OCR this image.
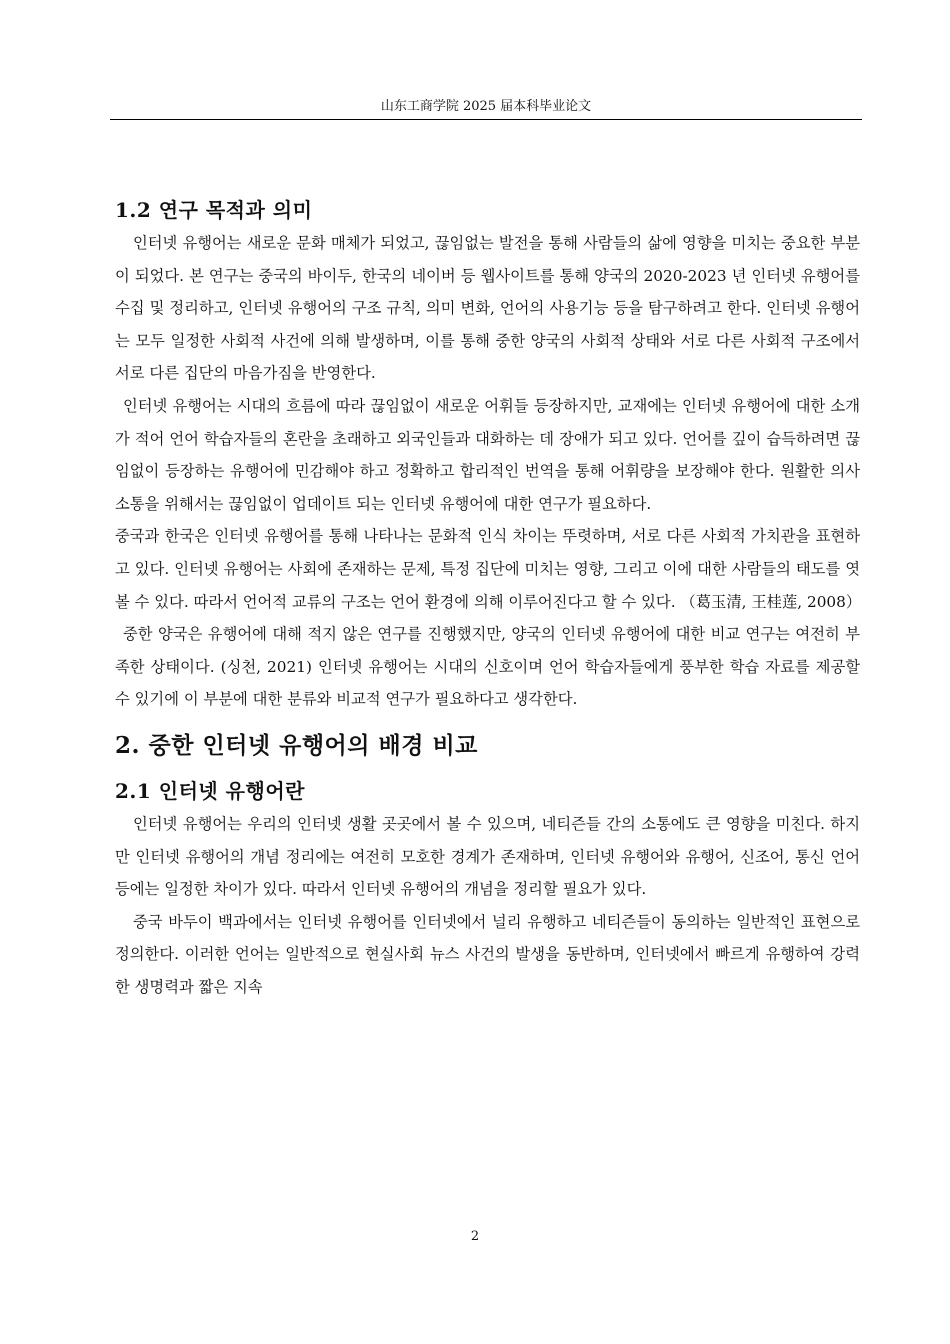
山东工商学院 2025 届本科毕业论文
1.2 연구 목적과 의미

인터넷 유행어는 새로운 문화 매체가 되었고, 끊임없는 발전을 통해 사람들의 삶에 영향을 미치는 중요한 부분이 되었다. 본 연구는 중국의 바이두, 한국의 네이버 등 웹사이트를 통해 양국의 2020-2023 년 인터넷 유행어를 수집 및 정리하고, 인터넷 유행어의 구조 규칙, 의미 변화, 언어의 사용기능 등을 탐구하려고 한다. 인터넷 유행어는 모두 일정한 사회적 사건에 의해 발생하며, 이를 통해 중한 양국의 사회적 상태와 서로 다른 사회적 구조에서 서로 다른 집단의 마음가짐을 반영한다.

인터넷 유행어는 시대의 흐름에 따라 끊임없이 새로운 어휘들 등장하지만, 교재에는 인터넷 유행어에 대한 소개가 적어 언어 학습자들의 혼란을 초래하고 외국인들과 대화하는 데 장애가 되고 있다. 언어를 깊이 습득하려면 끊임없이 등장하는 유행어에 민감해야 하고 정확하고 합리적인 번역을 통해 어휘량을 보장해야 한다. 원활한 의사소통을 위해서는 끊임없이 업데이트 되는 인터넷 유행어에 대한 연구가 필요하다.

중국과 한국은 인터넷 유행어를 통해 나타나는 문화적 인식 차이는 뚜렷하며, 서로 다른 사회적 가치관을 표현하고 있다. 인터넷 유행어는 사회에 존재하는 문제, 특정 집단에 미치는 영향, 그리고 이에 대한 사람들의 태도를 엿볼 수 있다. 따라서 언어적 교류의 구조는 언어 환경에 의해 이루어진다고 할 수 있다. （葛玉清, 王桂莲, 2008）

중한 양국은 유행어에 대해 적지 않은 연구를 진행했지만, 양국의 인터넷 유행어에 대한 비교 연구는 여전히 부족한 상태이다. (싱천, 2021) 인터넷 유행어는 시대의 신호이며 언어 학습자들에게 풍부한 학습 자료를 제공할 수 있기에 이 부분에 대한 분류와 비교적 연구가 필요하다고 생각한다.

2. 중한 인터넷 유행어의 배경 비교
2.1 인터넷 유행어란

인터넷 유행어는 우리의 인터넷 생활 곳곳에서 볼 수 있으며, 네티즌들 간의 소통에도 큰 영향을 미친다. 하지만 인터넷 유행어의 개념 정리에는 여전히 모호한 경계가 존재하며, 인터넷 유행어와 유행어, 신조어, 통신 언어 등에는 일정한 차이가 있다. 따라서 인터넷 유행어의 개념을 정리할 필요가 있다.

중국 바두이 백과에서는 인터넷 유행어를 인터넷에서 널리 유행하고 네티즌들이 동의하는 일반적인 표현으로 정의한다. 이러한 언어는 일반적으로 현실사회 뉴스 사건의 발생을 동반하며, 인터넷에서 빠르게 유행하여 강력한 생명력과 짧은 지속

2
